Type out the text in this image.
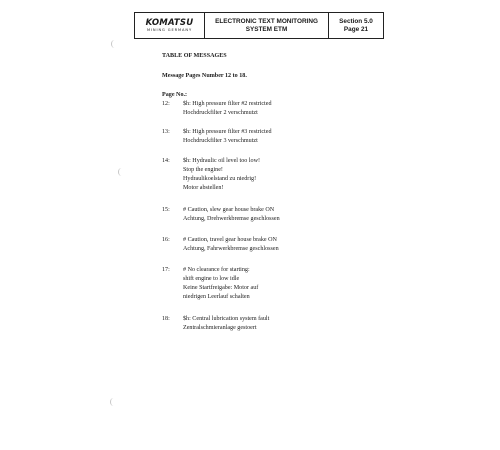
KOMATSU
MINING GERMANY
ELECTRONIC TEXT MONITORING
SYSTEM ETM
Section 5.0
Page 21
TABLE OF MESSAGES
Message Pages Number 12 to 18.
Page No.:
12: $h: High pressure filter #2 restricted
Hochdruckfilter 2 verschmutzt
13: $h: High pressure filter #3 restricted
Hochdruckfilter 3 verschmutzt
14: $h: Hydraulic oil level too low!
Stop the engine!
Hydraulikoelstand zu niedrig!
Motor abstellen!
15: # Caution, slew gear house brake ON
Achtung, Drehwerkbremse geschlossen
16: # Caution, travel gear house brake ON
Achtung, Fahrwerkbremse geschlossen
17: # No clearance for starting:
shift engine to low idle
Keine Startfreigabe: Motor auf
niedrigen Leerlauf schalten
18: $h: Central lubrication system fault
Zentralschmieranlage gestoert
